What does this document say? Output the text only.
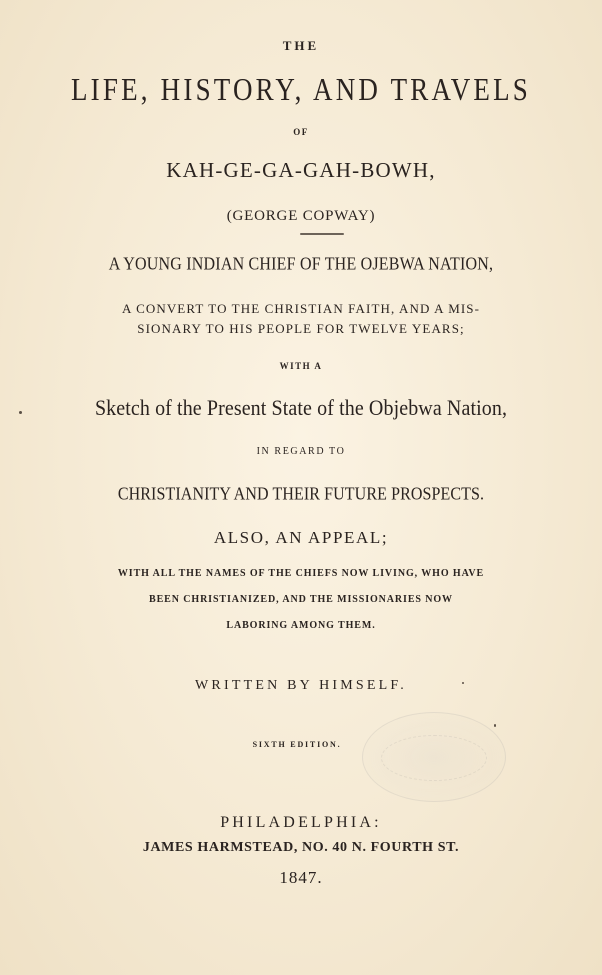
THE
LIFE, HISTORY, AND TRAVELS
OF
KAH-GE-GA-GAH-BOWH,
(GEORGE COPWAY)
A YOUNG INDIAN CHIEF OF THE OJEBWA NATION,
A CONVERT TO THE CHRISTIAN FAITH, AND A MIS-
SIONARY TO HIS PEOPLE FOR TWELVE YEARS;
WITH A
Sketch of the Present State of the Objebwa Nation,
IN REGARD TO
CHRISTIANITY AND THEIR FUTURE PROSPECTS.
ALSO, AN APPEAL;
WITH ALL THE NAMES OF THE CHIEFS NOW LIVING, WHO HAVE
BEEN CHRISTIANIZED, AND THE MISSIONARIES NOW
LABORING AMONG THEM.
WRITTEN BY HIMSELF.
SIXTH EDITION.
PHILADELPHIA:
JAMES HARMSTEAD, NO. 40 N. FOURTH ST.
1847.
